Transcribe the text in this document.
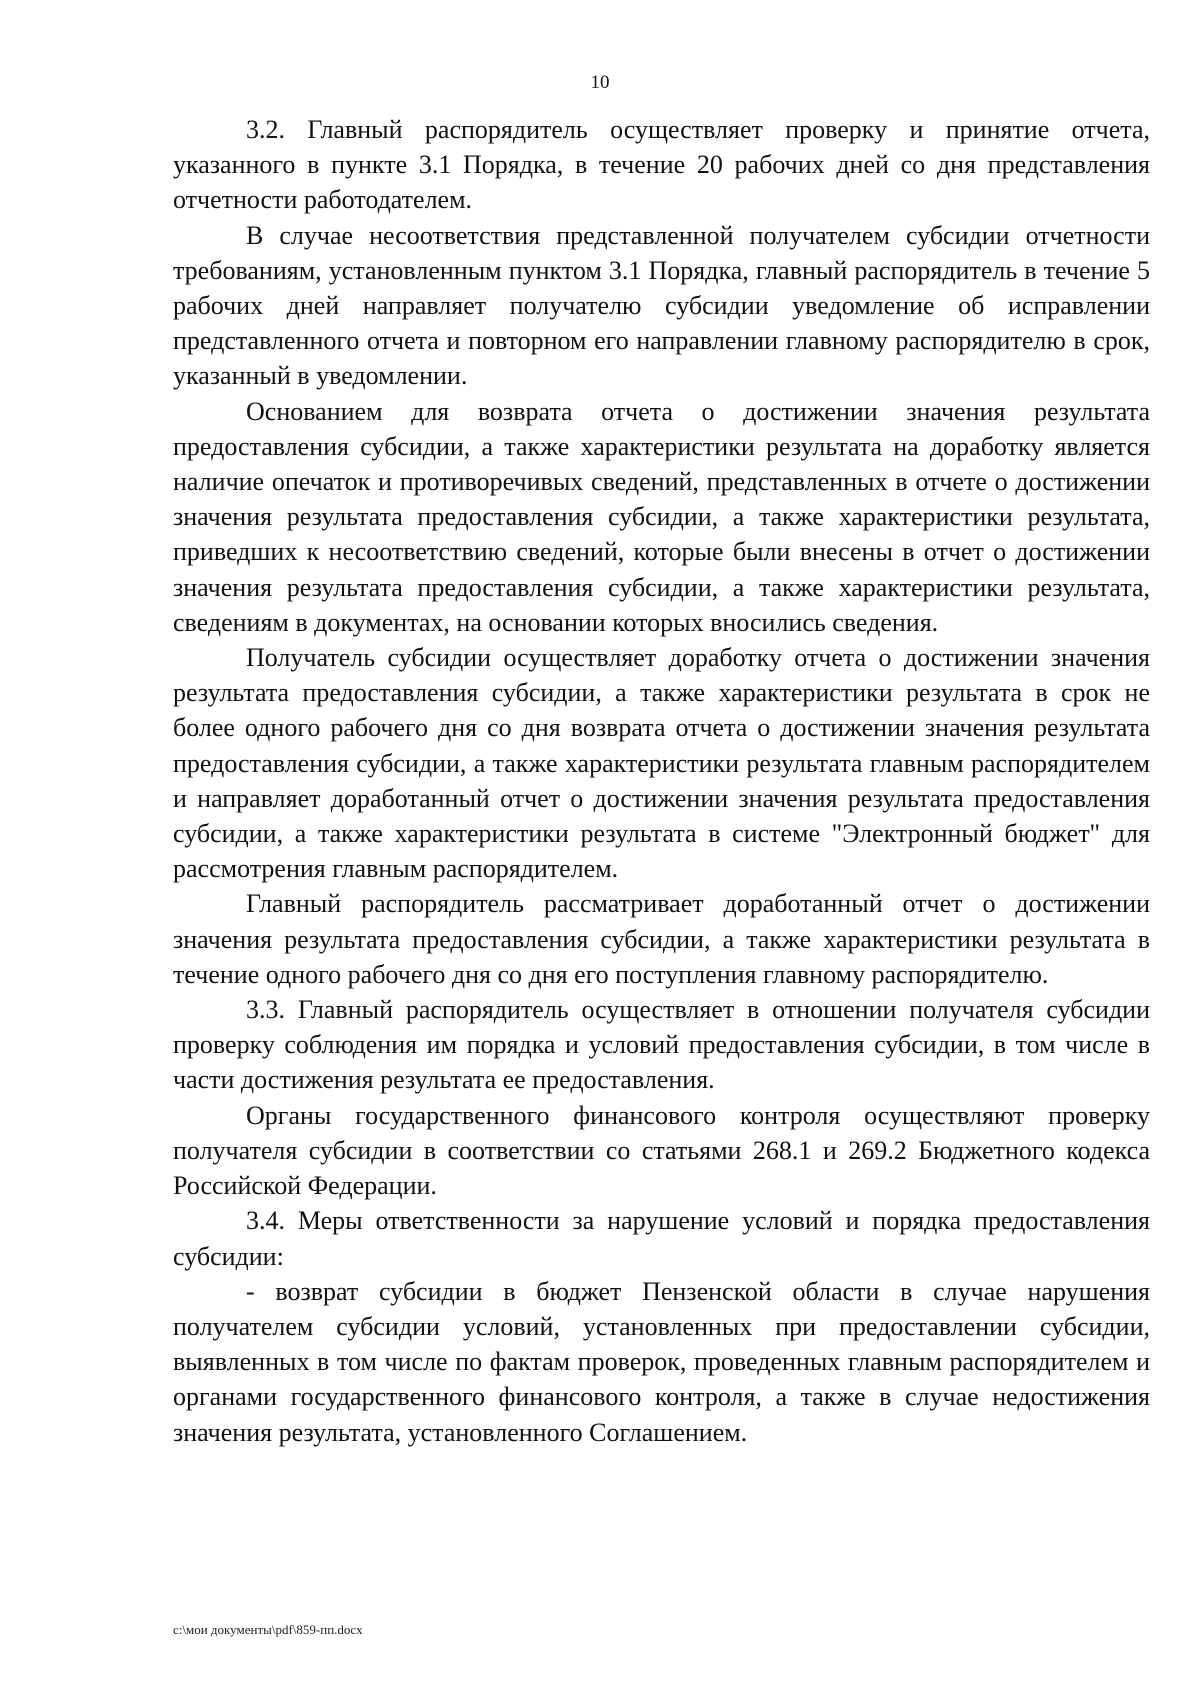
10

3.2. Главный распорядитель осуществляет проверку и принятие отчета, указанного в пункте 3.1 Порядка, в течение 20 рабочих дней со дня представления отчетности работодателем.

В случае несоответствия представленной получателем субсидии отчетности требованиям, установленным пунктом 3.1 Порядка, главный распорядитель в течение 5 рабочих дней направляет получателю субсидии уведомление об исправлении представленного отчета и повторном его направлении главному распорядителю в срок, указанный в уведомлении.

Основанием для возврата отчета о достижении значения результата предоставления субсидии, а также характеристики результата на доработку является наличие опечаток и противоречивых сведений, представленных в отчете о достижении значения результата предоставления субсидии, а также характеристики результата, приведших к несоответствию сведений, которые были внесены в отчет о достижении значения результата предоставления субсидии, а также характеристики результата, сведениям в документах, на основании которых вносились сведения.

Получатель субсидии осуществляет доработку отчета о достижении значения результата предоставления субсидии, а также характеристики результата в срок не более одного рабочего дня со дня возврата отчета о достижении значения результата предоставления субсидии, а также характеристики результата главным распорядителем и направляет доработанный отчет о достижении значения результата предоставления субсидии, а также характеристики результата в системе "Электронный бюджет" для рассмотрения главным распорядителем.

Главный распорядитель рассматривает доработанный отчет о достижении значения результата предоставления субсидии, а также характеристики результата в течение одного рабочего дня со дня его поступления главному распорядителю.

3.3. Главный распорядитель осуществляет в отношении получателя субсидии проверку соблюдения им порядка и условий предоставления субсидии, в том числе в части достижения результата ее предоставления.

Органы государственного финансового контроля осуществляют проверку получателя субсидии в соответствии со статьями 268.1 и 269.2 Бюджетного кодекса Российской Федерации.

3.4. Меры ответственности за нарушение условий и порядка предоставления субсидии:

- возврат субсидии в бюджет Пензенской области в случае нарушения получателем субсидии условий, установленных при предоставлении субсидии, выявленных в том числе по фактам проверок, проведенных главным распорядителем и органами государственного финансового контроля, а также в случае недостижения значения результата, установленного Соглашением.

c:\мои документы\pdf\859-пп.docx
